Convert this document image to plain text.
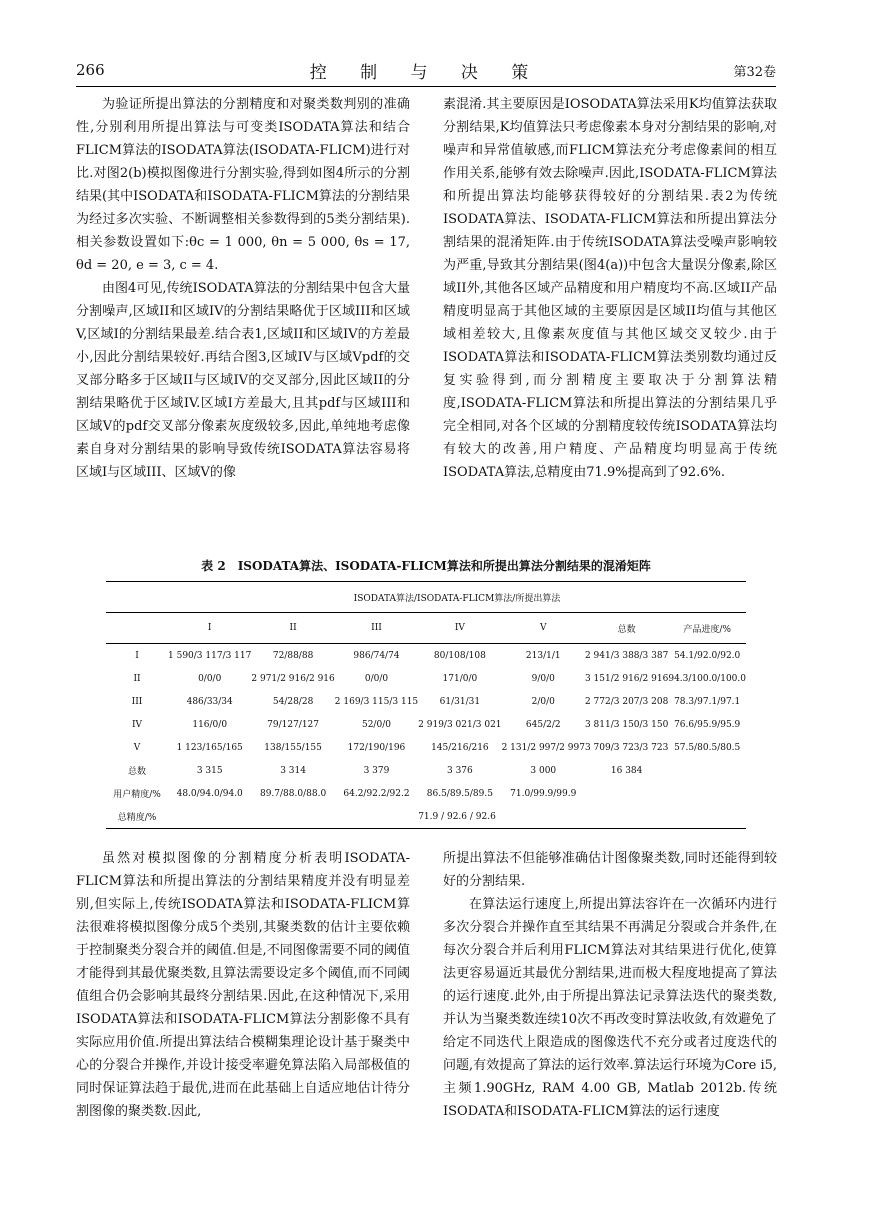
266	控 制 与 决 策	第32卷

为验证所提出算法的分割精度和对聚类数判别的准确性,分别利用所提出算法与可变类ISODATA算法和结合FLICM算法的ISODATA算法(ISODATA-FLICM)进行对比.对图2(b)模拟图像进行分割实验,得到如图4所示的分割结果(其中ISODATA和ISODATA-FLICM算法的分割结果为经过多次实验、不断调整相关参数得到的5类分割结果).相关参数设置如下:θc = 1 000, θn = 5 000, θs = 17, θd = 20, e = 3, c = 4.

由图4可见,传统ISODATA算法的分割结果中包含大量分割噪声,区域II和区域IV的分割结果略优于区域III和区域V,区域I的分割结果最差.结合表1,区域II和区域IV的方差最小,因此分割结果较好.再结合图3,区域IV与区域Vpdf的交叉部分略多于区域II与区域IV的交叉部分,因此区域II的分割结果略优于区域IV.区域I方差最大,且其pdf与区域III和区域V的pdf交叉部分像素灰度级较多,因此,单纯地考虑像素自身对分割结果的影响导致传统ISODATA算法容易将区域I与区域III、区域V的像

素混淆.其主要原因是IOSODATA算法采用K均值算法获取分割结果,K均值算法只考虑像素本身对分割结果的影响,对噪声和异常值敏感,而FLICM算法充分考虑像素间的相互作用关系,能够有效去除噪声.因此,ISODATA-FLICM算法和所提出算法均能够获得较好的分割结果.表2为传统ISODATA算法、ISODATA-FLICM算法和所提出算法分割结果的混淆矩阵.由于传统ISODATA算法受噪声影响较为严重,导致其分割结果(图4(a))中包含大量误分像素,除区域II外,其他各区域产品精度和用户精度均不高.区域II产品精度明显高于其他区域的主要原因是区域II均值与其他区域相差较大,且像素灰度值与其他区域交叉较少.由于ISODATA算法和ISODATA-FLICM算法类别数均通过反复实验得到,而分割精度主要取决于分割算法精度,ISODATA-FLICM算法和所提出算法的分割结果几乎完全相同,对各个区域的分割精度较传统ISODATA算法均有较大的改善,用户精度、产品精度均明显高于传统ISODATA算法,总精度由71.9%提高到了92.6%.

表 2 ISODATA算法、ISODATA-FLICM算法和所提出算法分割结果的混淆矩阵

	ISODATA算法/ISODATA-FLICM算法/所提出算法						
	I	II	III	IV	V	总数	产品进度/%
I	1 590/3 117/3 117	72/88/88	986/74/74	80/108/108	213/1/1	2 941/3 388/3 387	54.1/92.0/92.0
II	0/0/0	2 971/2 916/2 916	0/0/0	171/0/0	9/0/0	3 151/2 916/2 916	94.3/100.0/100.0
III	486/33/34	54/28/28	2 169/3 115/3 115	61/31/31	2/0/0	2 772/3 207/3 208	78.3/97.1/97.1
IV	116/0/0	79/127/127	52/0/0	2 919/3 021/3 021	645/2/2	3 811/3 150/3 150	76.6/95.9/95.9
V	1 123/165/165	138/155/155	172/190/196	145/216/216	2 131/2 997/2 997	3 709/3 723/3 723	57.5/80.5/80.5
总数	3 315	3 314	3 379	3 376	3 000	16 384	
用户精度/%	48.0/94.0/94.0	89.7/88.0/88.0	64.2/92.2/92.2	86.5/89.5/89.5	71.0/99.9/99.9		
总精度/%	71.9 / 92.6 / 92.6						

虽然对模拟图像的分割精度分析表明ISODATA-FLICM算法和所提出算法的分割结果精度并没有明显差别,但实际上,传统ISODATA算法和ISODATA-FLICM算法很难将模拟图像分成5个类别,其聚类数的估计主要依赖于控制聚类分裂合并的阈值.但是,不同图像需要不同的阈值才能得到其最优聚类数,且算法需要设定多个阈值,而不同阈值组合仍会影响其最终分割结果.因此,在这种情况下,采用ISODATA算法和ISODATA-FLICM算法分割影像不具有实际应用价值.所提出算法结合模糊集理论设计基于聚类中心的分裂合并操作,并设计接受率避免算法陷入局部极值的同时保证算法趋于最优,进而在此基础上自适应地估计待分割图像的聚类数.因此,

所提出算法不但能够准确估计图像聚类数,同时还能得到较好的分割结果.

在算法运行速度上,所提出算法容许在一次循环内进行多次分裂合并操作直至其结果不再满足分裂或合并条件,在每次分裂合并后利用FLICM算法对其结果进行优化,使算法更容易逼近其最优分割结果,进而极大程度地提高了算法的运行速度.此外,由于所提出算法记录算法迭代的聚类数,并认为当聚类数连续10次不再改变时算法收敛,有效避免了给定不同迭代上限造成的图像迭代不充分或者过度迭代的问题,有效提高了算法的运行效率.算法运行环境为Core i5,主频1.90GHz, RAM 4.00 GB, Matlab 2012b.传统ISODATA和ISODATA-FLICM算法的运行速度
